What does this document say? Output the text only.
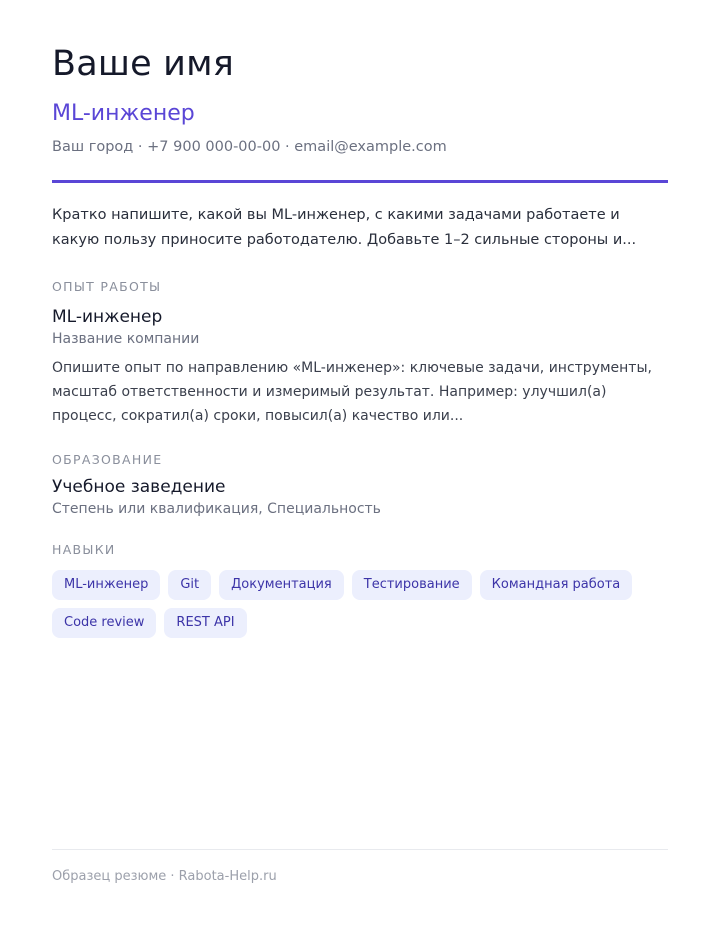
Ваше имя
ML-инженер
Ваш город · +7 900 000-00-00 · email@example.com
Кратко напишите, какой вы ML-инженер, с какими задачами работаете и какую пользу приносите работодателю. Добавьте 1–2 сильные стороны и...
ОПЫТ РАБОТЫ
ML-инженер
Название компании
Опишите опыт по направлению «ML-инженер»: ключевые задачи, инструменты, масштаб ответственности и измеримый результат. Например: улучшил(а) процесс, сократил(а) сроки, повысил(а) качество или...
ОБРАЗОВАНИЕ
Учебное заведение
Степень или квалификация, Специальность
НАВЫКИ
ML-инженер	Git	Документация	Тестирование	Командная работа
Code review	REST API
Образец резюме · Rabota-Help.ru
